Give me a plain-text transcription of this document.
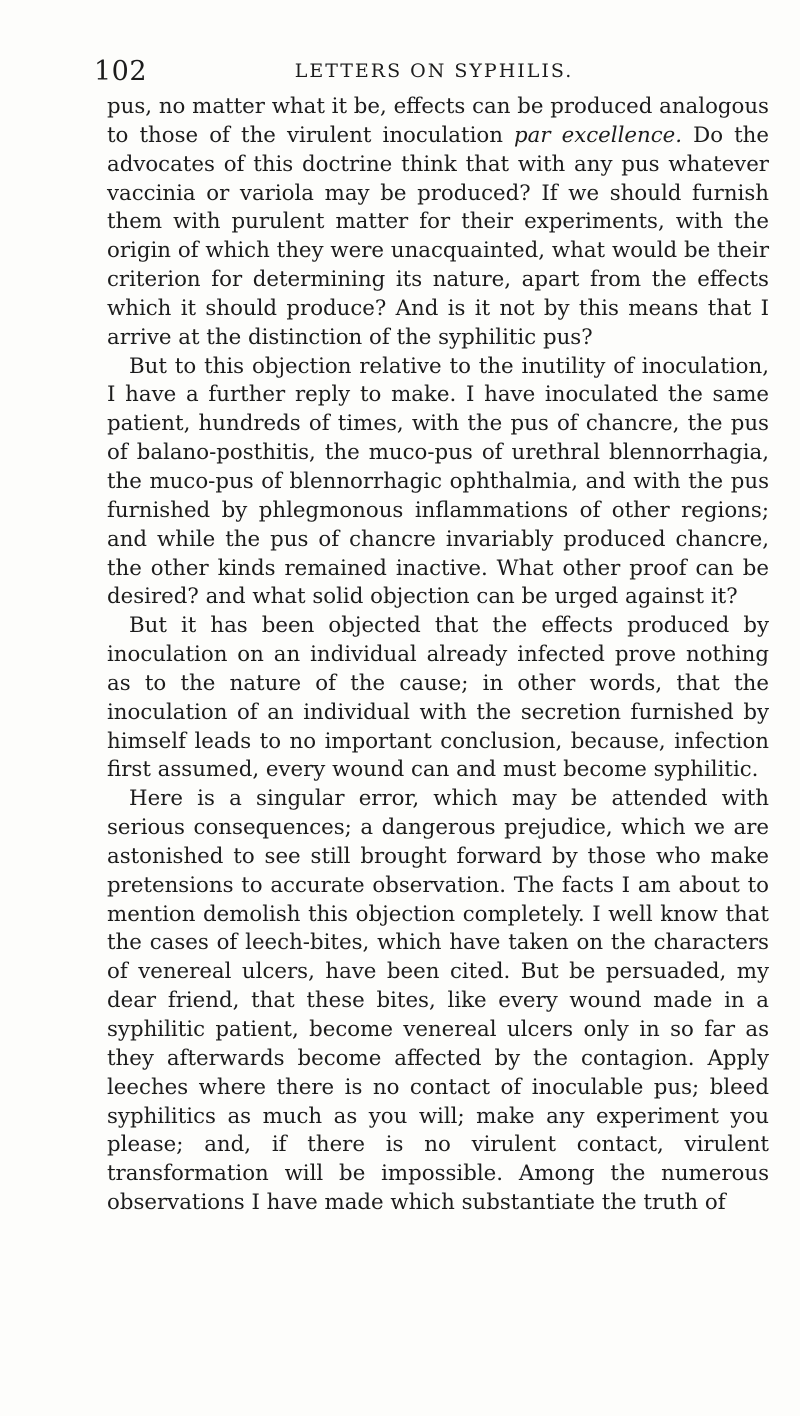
102	LETTERS ON SYPHILIS.

pus, no matter what it be, effects can be produced analogous to those of the virulent inoculation par excellence. Do the advocates of this doctrine think that with any pus whatever vaccinia or variola may be produced? If we should furnish them with purulent matter for their experiments, with the origin of which they were unacquainted, what would be their criterion for determining its nature, apart from the effects which it should produce? And is it not by this means that I arrive at the distinction of the syphilitic pus?

But to this objection relative to the inutility of inoculation, I have a further reply to make. I have inoculated the same patient, hundreds of times, with the pus of chancre, the pus of balano-posthitis, the muco-pus of urethral blennorrhagia, the muco-pus of blennorrhagic ophthalmia, and with the pus furnished by phlegmonous inflammations of other regions; and while the pus of chancre invariably produced chancre, the other kinds remained inactive. What other proof can be desired? and what solid objection can be urged against it?

But it has been objected that the effects produced by inoculation on an individual already infected prove nothing as to the nature of the cause; in other words, that the inoculation of an individual with the secretion furnished by himself leads to no important conclusion, because, infection first assumed, every wound can and must become syphilitic.

Here is a singular error, which may be attended with serious consequences; a dangerous prejudice, which we are astonished to see still brought forward by those who make pretensions to accurate observation. The facts I am about to mention demolish this objection completely. I well know that the cases of leech-bites, which have taken on the characters of venereal ulcers, have been cited. But be persuaded, my dear friend, that these bites, like every wound made in a syphilitic patient, become venereal ulcers only in so far as they afterwards become affected by the contagion. Apply leeches where there is no contact of inoculable pus; bleed syphilitics as much as you will; make any experiment you please; and, if there is no virulent contact, virulent transformation will be impossible. Among the numerous observations I have made which substantiate the truth of
